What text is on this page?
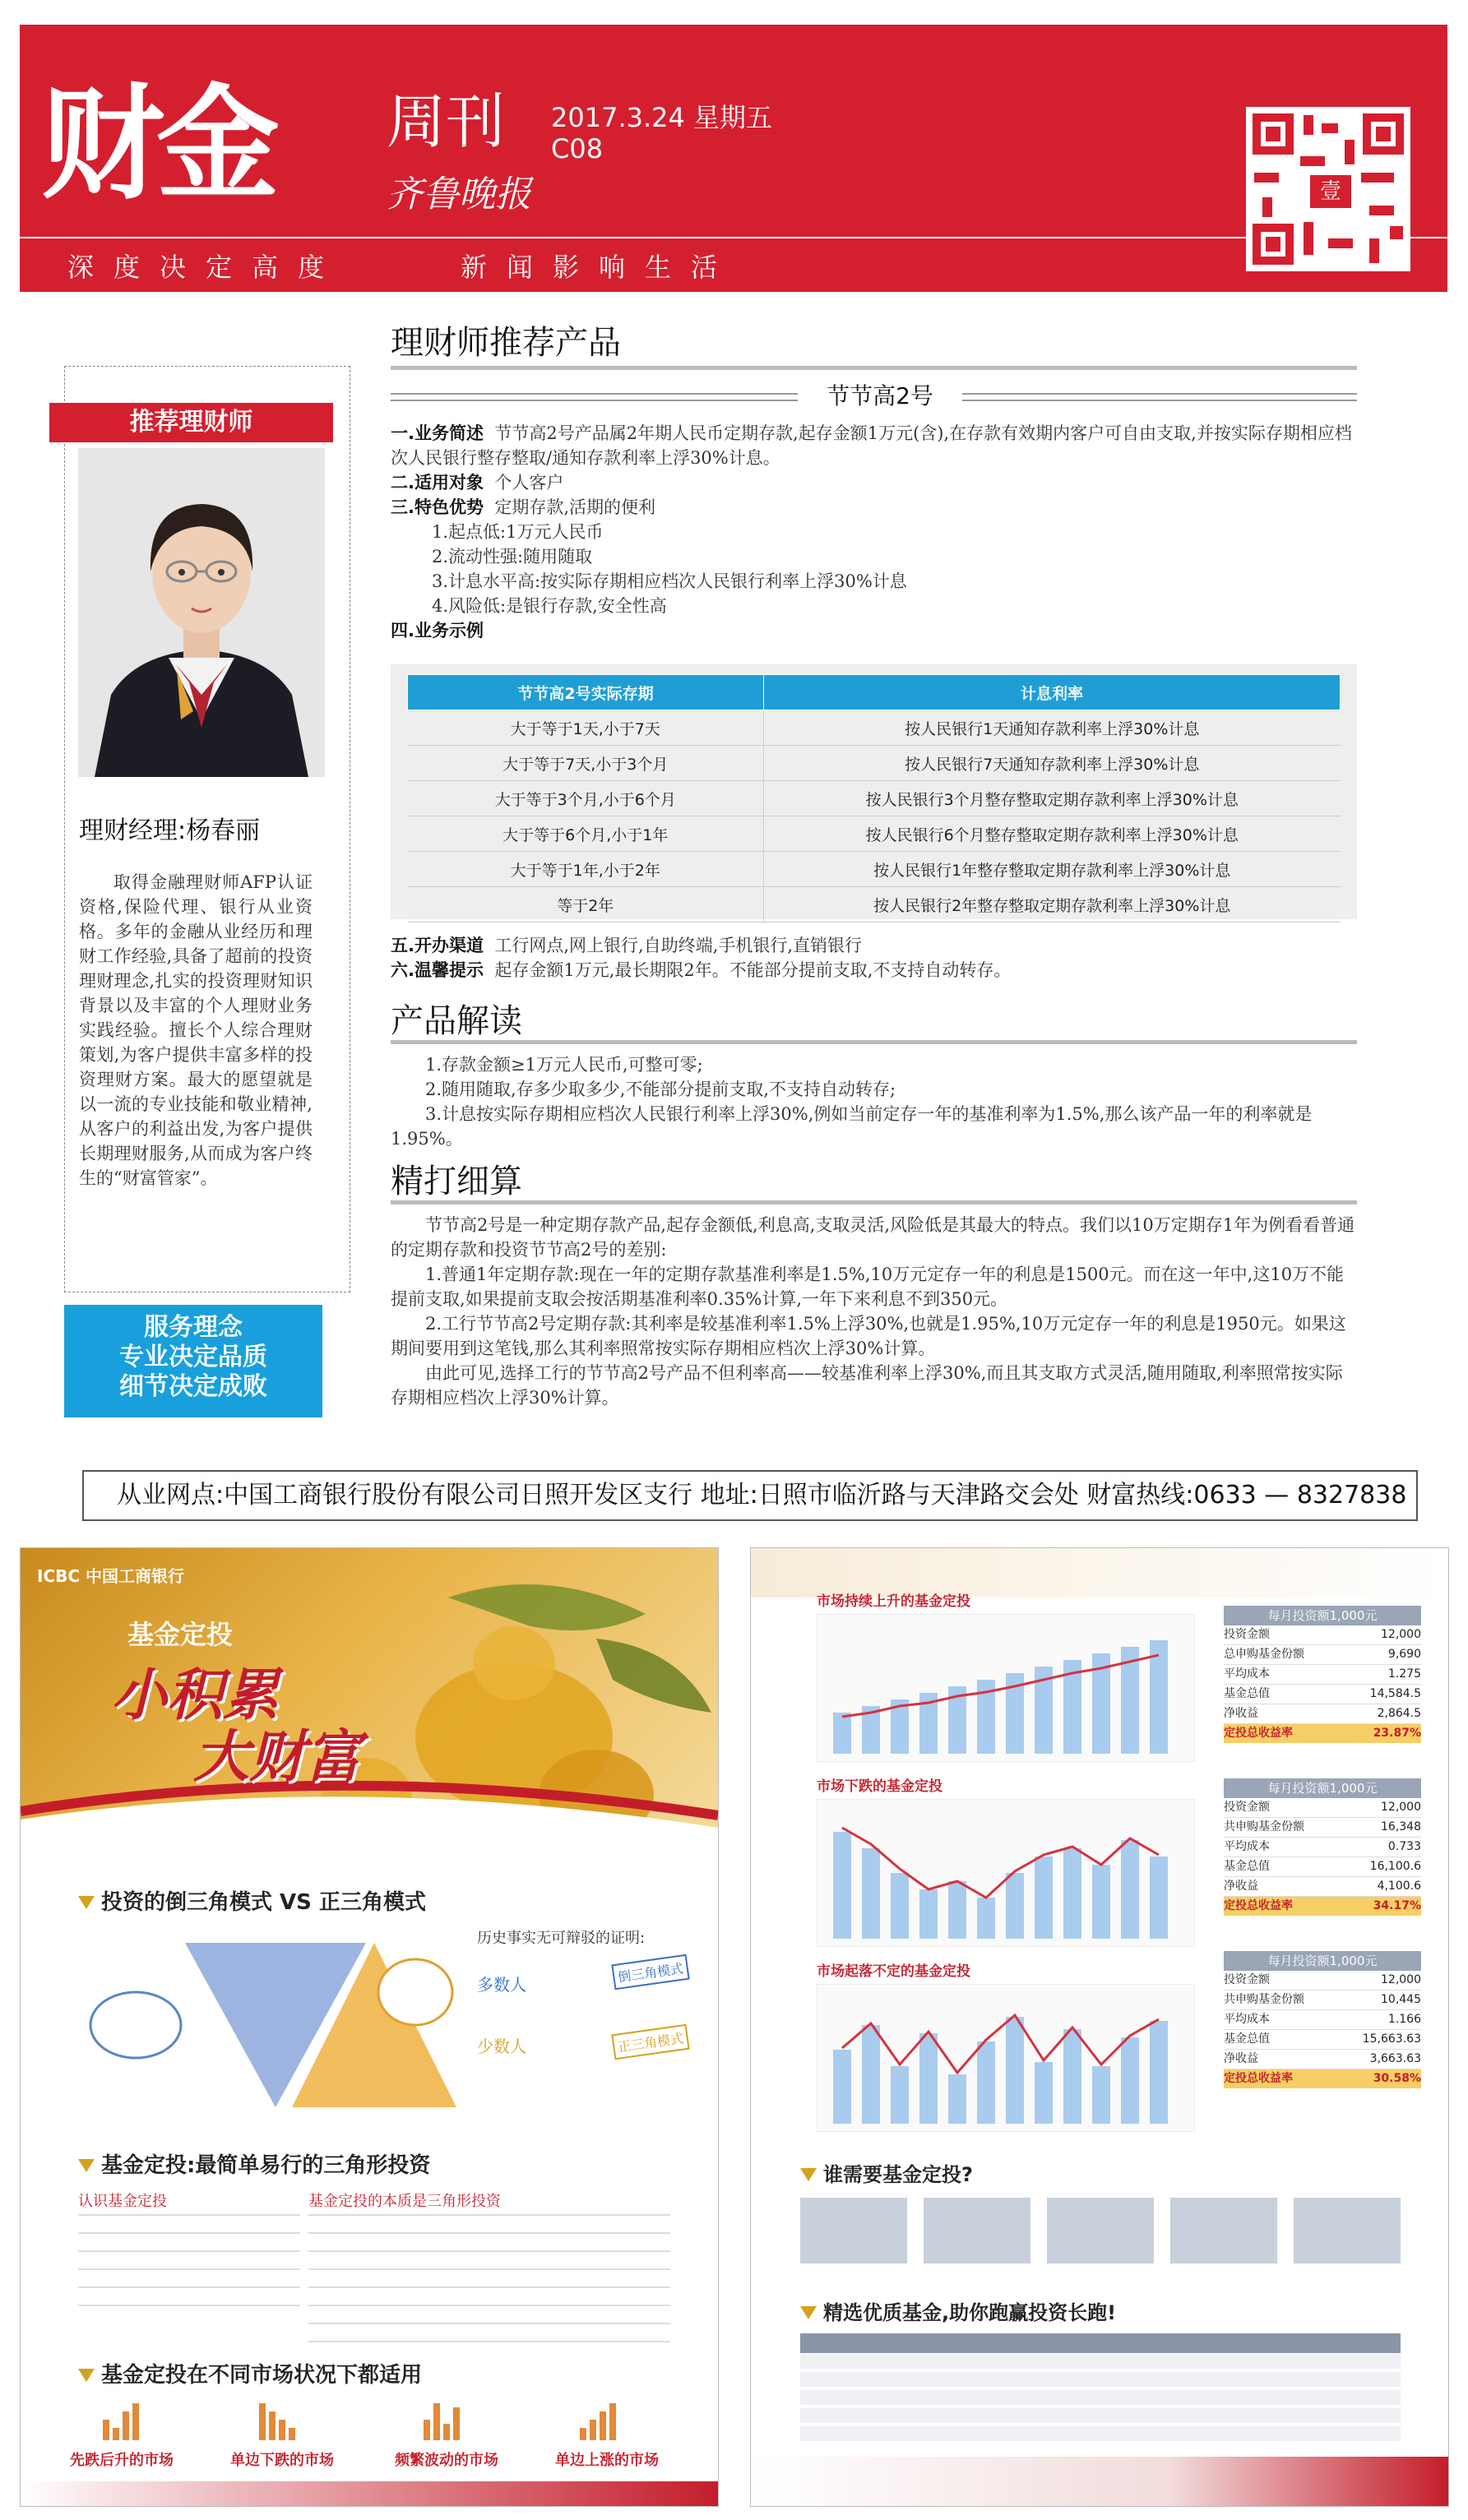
财金 周刊
齐鲁晚报
2017.3.24 星期五
C08
深度决定高度	新闻影响生活
壹
推荐理财师
理财经理:杨春丽
取得金融理财师AFP认证资格,保险代理、银行从业资格。多年的金融从业经历和理财工作经验,具备了超前的投资理财理念,扎实的投资理财知识背景以及丰富的个人理财业务实践经验。擅长个人综合理财策划,为客户提供丰富多样的投资理财方案。最大的愿望就是以一流的专业技能和敬业精神,从客户的利益出发,为客户提供长期理财服务,从而成为客户终生的“财富管家”。
服务理念
专业决定品质
细节决定成败
理财师推荐产品
节节高2号
一.业务简述 节节高2号产品属2年期人民币定期存款,起存金额1万元(含),在存款有效期内客户可自由支取,并按实际存期相应档次人民银行整存整取/通知存款利率上浮30%计息。
二.适用对象 个人客户
三.特色优势 定期存款,活期的便利
1.起点低:1万元人民币
2.流动性强:随用随取
3.计息水平高:按实际存期相应档次人民银行利率上浮30%计息
4.风险低:是银行存款,安全性高
四.业务示例
节节高2号实际存期	计息利率
大于等于1天,小于7天	按人民银行1天通知存款利率上浮30%计息
大于等于7天,小于3个月	按人民银行7天通知存款利率上浮30%计息
大于等于3个月,小于6个月	按人民银行3个月整存整取定期存款利率上浮30%计息
大于等于6个月,小于1年	按人民银行6个月整存整取定期存款利率上浮30%计息
大于等于1年,小于2年	按人民银行1年整存整取定期存款利率上浮30%计息
等于2年	按人民银行2年整存整取定期存款利率上浮30%计息
五.开办渠道 工行网点,网上银行,自助终端,手机银行,直销银行
六.温馨提示 起存金额1万元,最长期限2年。不能部分提前支取,不支持自动转存。
产品解读
1.存款金额≥1万元人民币,可整可零;
2.随用随取,存多少取多少,不能部分提前支取,不支持自动转存;
3.计息按实际存期相应档次人民银行利率上浮30%,例如当前定存一年的基准利率为1.5%,那么该产品一年的利率就是1.95%。
精打细算
节节高2号是一种定期存款产品,起存金额低,利息高,支取灵活,风险低是其最大的特点。我们以10万定期存1年为例看看普通的定期存款和投资节节高2号的差别:
1.普通1年定期存款:现在一年的定期存款基准利率是1.5%,10万元定存一年的利息是1500元。而在这一年中,这10万不能提前支取,如果提前支取会按活期基准利率0.35%计算,一年下来利息不到350元。
2.工行节节高2号定期存款:其利率是较基准利率1.5%上浮30%,也就是1.95%,10万元定存一年的利息是1950元。如果这期间要用到这笔钱,那么其利率照常按实际存期相应档次上浮30%计算。
由此可见,选择工行的节节高2号产品不但利率高——较基准利率上浮30%,而且其支取方式灵活,随用随取,利率照常按实际存期相应档次上浮30%计算。
从业网点:中国工商银行股份有限公司日照开发区支行 地址:日照市临沂路与天津路交会处 财富热线:0633 — 8327838
ICBC 中国工商银行
基金定投
小积累
大财富
投资的倒三角模式 VS 正三角模式
历史事实无可辩驳的证明:
多数人
少数人
倒三角模式
正三角模式
基金定投:最简单易行的三角形投资
认识基金定投	基金定投的本质是三角形投资
基金定投在不同市场状况下都适用
先跌后升的市场	单边下跌的市场	频繁波动的市场	单边上涨的市场
市场持续上升的基金定投
市场下跌的基金定投
市场起落不定的基金定投
每月投资额1,000元
投资金额	12,000
总申购基金份额	9,690
平均成本	1.275
基金总值	14,584.5
净收益	2,864.5
定投总收益率	23.87%
每月投资额1,000元
投资金额	12,000
共申购基金份额	16,348
平均成本	0.733
基金总值	16,100.6
净收益	4,100.6
定投总收益率	34.17%
每月投资额1,000元
投资金额	12,000
共申购基金份额	10,445
平均成本	1.166
基金总值	15,663.63
净收益	3,663.63
定投总收益率	30.58%
谁需要基金定投?
精选优质基金,助你跑赢投资长跑!
